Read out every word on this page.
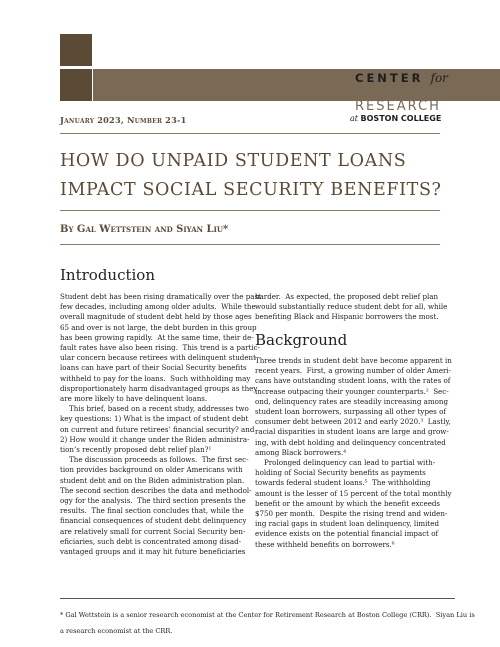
CENTER for
RETIREMENT
RESEARCH
at BOSTON COLLEGE
January 2023, Number 23-1
HOW DO UNPAID STUDENT LOANS
IMPACT SOCIAL SECURITY BENEFITS?
By Gal Wettstein and Siyan Liu*
Introduction

Student debt has been rising dramatically over the past

few decades, including among older adults.  While the

overall magnitude of student debt held by those ages

65 and over is not large, the debt burden in this group

has been growing rapidly.  At the same time, their de-

fault rates have also been rising.  This trend is a partic-

ular concern because retirees with delinquent student

loans can have part of their Social Security benefits

withheld to pay for the loans.  Such withholding may

disproportionately harm disadvantaged groups as they

are more likely to have delinquent loans.

This brief, based on a recent study, addresses two

key questions: 1) What is the impact of student debt

on current and future retirees’ financial security? and

2) How would it change under the Biden administra-

tion’s recently proposed debt relief plan?¹

The discussion proceeds as follows.  The first sec-

tion provides background on older Americans with

student debt and on the Biden administration plan.

The second section describes the data and methodol-

ogy for the analysis.  The third section presents the

results.  The final section concludes that, while the

financial consequences of student debt delinquency

are relatively small for current Social Security ben-

eficiaries, such debt is concentrated among disad-

vantaged groups and it may hit future beneficiaries

harder.  As expected, the proposed debt relief plan

would substantially reduce student debt for all, while

benefiting Black and Hispanic borrowers the most.

Background

Three trends in student debt have become apparent in

recent years.  First, a growing number of older Ameri-

cans have outstanding student loans, with the rates of

increase outpacing their younger counterparts.²  Sec-

ond, delinquency rates are steadily increasing among

student loan borrowers, surpassing all other types of

consumer debt between 2012 and early 2020.³  Lastly,

racial disparities in student loans are large and grow-

ing, with debt holding and delinquency concentrated

among Black borrowers.⁴

Prolonged delinquency can lead to partial with-

holding of Social Security benefits as payments

towards federal student loans.⁵  The withholding

amount is the lesser of 15 percent of the total monthly

benefit or the amount by which the benefit exceeds

$750 per month.  Despite the rising trend and widen-

ing racial gaps in student loan delinquency, limited

evidence exists on the potential financial impact of

these withheld benefits on borrowers.⁶

* Gal Wettstein is a senior research economist at the Center for Retirement Research at Boston College (CRR).  Siyan Liu is

a research economist at the CRR.
